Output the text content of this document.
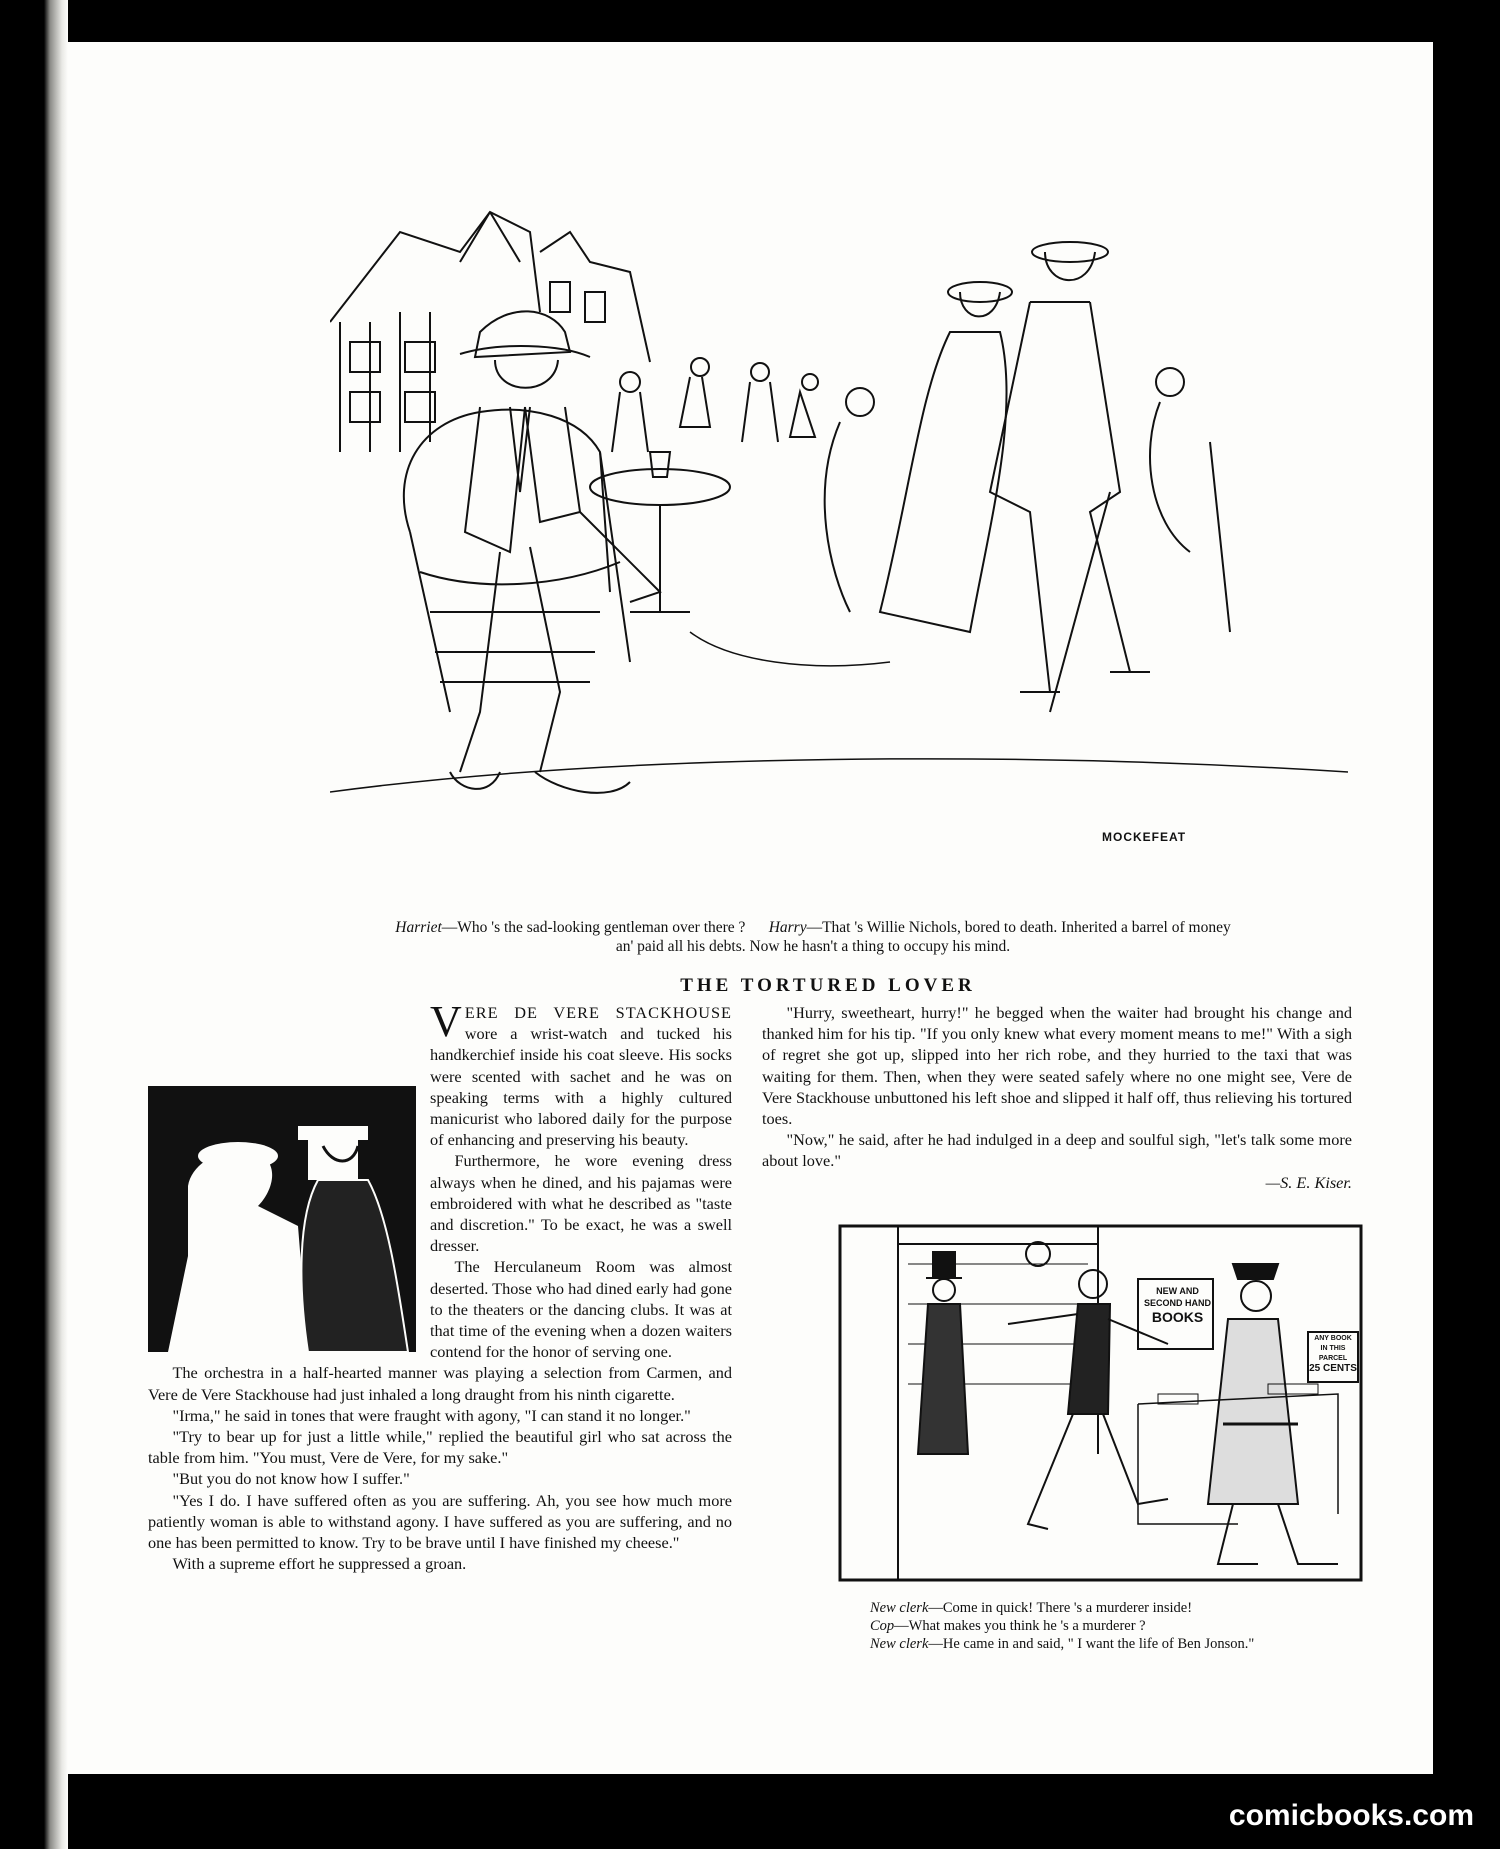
MOCKEFEAT
Harriet—Who 's the sad-looking gentleman over there ? Harry—That 's Willie Nichols, bored to death. Inherited a barrel of money
an' paid all his debts. Now he hasn't a thing to occupy his mind.
THE TORTURED LOVER

VERE DE VERE STACKHOUSE wore a wrist-watch and tucked his handkerchief inside his coat sleeve. His socks were scented with sachet and he was on speaking terms with a highly cultured manicurist who labored daily for the purpose of enhancing and preserving his beauty.

Furthermore, he wore evening dress always when he dined, and his pajamas were embroidered with what he described as "taste and discretion." To be exact, he was a swell dresser.

The Herculaneum Room was almost deserted. Those who had dined early had gone to the theaters or the dancing clubs. It was at that time of the evening when a dozen waiters contend for the honor of serving one.

The orchestra in a half-hearted manner was playing a selection from Carmen, and Vere de Vere Stackhouse had just inhaled a long draught from his ninth cigarette.

"Irma," he said in tones that were fraught with agony, "I can stand it no longer."

"Try to bear up for just a little while," replied the beautiful girl who sat across the table from him. "You must, Vere de Vere, for my sake."

"But you do not know how I suffer."

"Yes I do. I have suffered often as you are suffering. Ah, you see how much more patiently woman is able to withstand agony. I have suffered as you are suffering, and no one has been permitted to know. Try to be brave until I have finished my cheese."

With a supreme effort he suppressed a groan.

"Hurry, sweetheart, hurry!" he begged when the waiter had brought his change and thanked him for his tip. "If you only knew what every moment means to me!" With a sigh of regret she got up, slipped into her rich robe, and they hurried to the taxi that was waiting for them. Then, when they were seated safely where no one might see, Vere de Vere Stackhouse unbuttoned his left shoe and slipped it half off, thus relieving his tortured toes.

"Now," he said, after he had indulged in a deep and soulful sigh, "let's talk some more about love."

—S. E. Kiser.

NEW AND
SECOND HAND
BOOKS
ANY BOOK
IN THIS PARCEL
25 CENTS
New clerk—Come in quick! There 's a murderer inside!
Cop—What makes you think he 's a murderer ?
New clerk—He came in and said, " I want the life of Ben Jonson."
comicbooks.com
